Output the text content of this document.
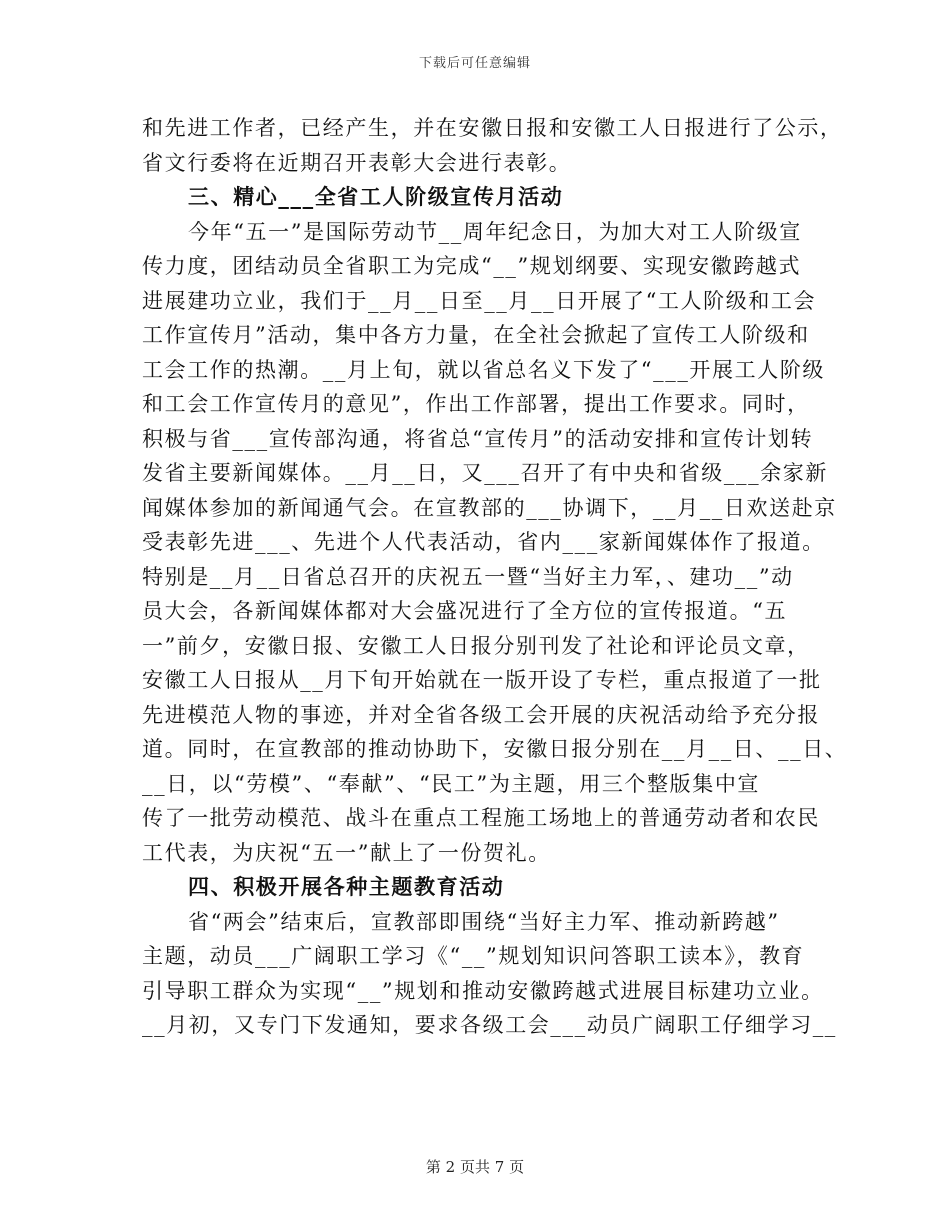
下载后可任意编辑
和先进工作者，已经产生，并在安徽日报和安徽工人日报进行了公示，
省文行委将在近期召开表彰大会进行表彰。
三、精心___全省工人阶级宣传月活动
今年“五一”是国际劳动节__周年纪念日，为加大对工人阶级宣
传力度，团结动员全省职工为完成“__”规划纲要、实现安徽跨越式
进展建功立业，我们于__月__日至__月__日开展了“工人阶级和工会
工作宣传月”活动，集中各方力量，在全社会掀起了宣传工人阶级和
工会工作的热潮。__月上旬，就以省总名义下发了“___开展工人阶级
和工会工作宣传月的意见”，作出工作部署，提出工作要求。同时，
积极与省___宣传部沟通，将省总“宣传月”的活动安排和宣传计划转
发省主要新闻媒体。__月__日，又___召开了有中央和省级___余家新
闻媒体参加的新闻通气会。在宣教部的___协调下，__月__日欢送赴京
受表彰先进___、先进个人代表活动，省内___家新闻媒体作了报道。
特别是__月__日省总召开的庆祝五一暨“当好主力军，、建功__”动
员大会，各新闻媒体都对大会盛况进行了全方位的宣传报道。“五
一”前夕，安徽日报、安徽工人日报分别刊发了社论和评论员文章，
安徽工人日报从__月下旬开始就在一版开设了专栏，重点报道了一批
先进模范人物的事迹，并对全省各级工会开展的庆祝活动给予充分报
道。同时，在宣教部的推动协助下，安徽日报分别在__月__日、__日、
__日，以“劳模”、“奉献”、“民工”为主题，用三个整版集中宣
传了一批劳动模范、战斗在重点工程施工场地上的普通劳动者和农民
工代表，为庆祝“五一”献上了一份贺礼。
四、积极开展各种主题教育活动
省“两会”结束后，宣教部即围绕“当好主力军、推动新跨越”
主题，动员___广阔职工学习《“__”规划知识问答职工读本》，教育
引导职工群众为实现“__”规划和推动安徽跨越式进展目标建功立业。
__月初，又专门下发通知，要求各级工会___动员广阔职工仔细学习__
第 2 页共 7 页
